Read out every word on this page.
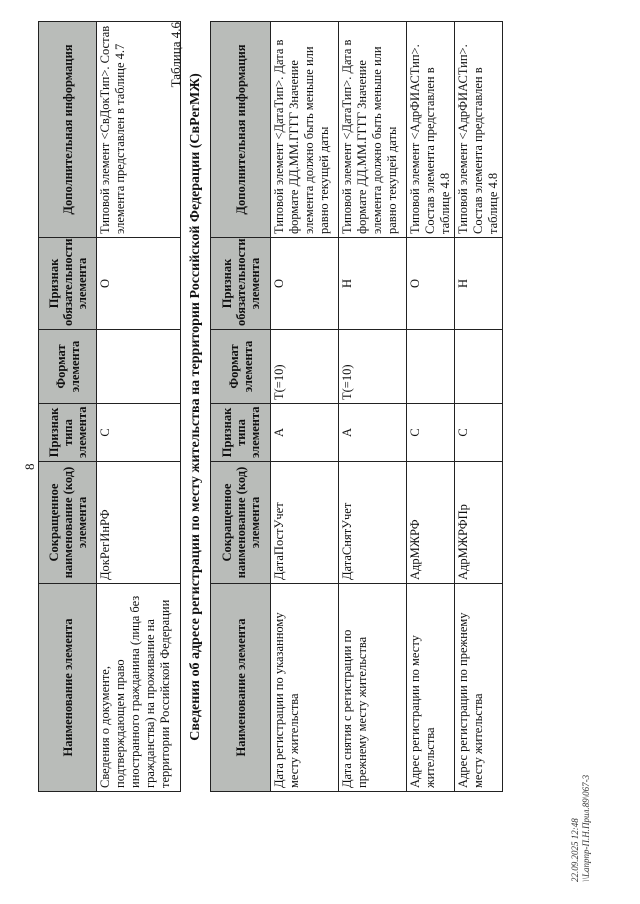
8
Наименование элемента	Сокращенное наименование (код) элемента	Признак типа элемента	Формат элемента	Признак обязательности элемента	Дополнительная информация
Сведения о документе, подтверждающем право иностранного гражданина (лица без гражданства) на проживание на территории Российской Федерации	ДокРегИнРФ	С		О	Типовой элемент <СвДокТип>. Состав элемента представлен в таблице 4.7	Таблица 4.6
Сведения об адресе регистрации по месту жительства на территории Российской Федерации (СвРегМЖ) Наименование элемента	Сокращенное наименование (код) элемента	Признак типа элемента	Формат элемента	Признак обязательности элемента	Дополнительная информация
Дата регистрации по указанному месту жительства	ДатаПостУчет	А	T(=10)	О	Типовой элемент <ДатаТип>. Дата в формате ДД.ММ.ГГГГ Значение элемента должно быть меньше или равно текущей даты
Дата снятия с регистрации по прежнему месту жительства	ДатаСнятУчет	А	T(=10)	Н	Типовой элемент <ДатаТип>. Дата в формате ДД.ММ.ГГГГ Значение элемента должно быть меньше или равно текущей даты
Адрес регистрации по месту жительства	АдрМЖРФ	С		О	Типовой элемент <АдрФИАСТип>. Состав элемента представлен в таблице 4.8
Адрес регистрации по прежнему месту жительства	АдрМЖРФПр	С		Н	Типовой элемент <АдрФИАСТип>. Состав элемента представлен в таблице 4.8
22.09.2025 12:48 \\Lanpnp-П.Н.Прил.89\067-3
